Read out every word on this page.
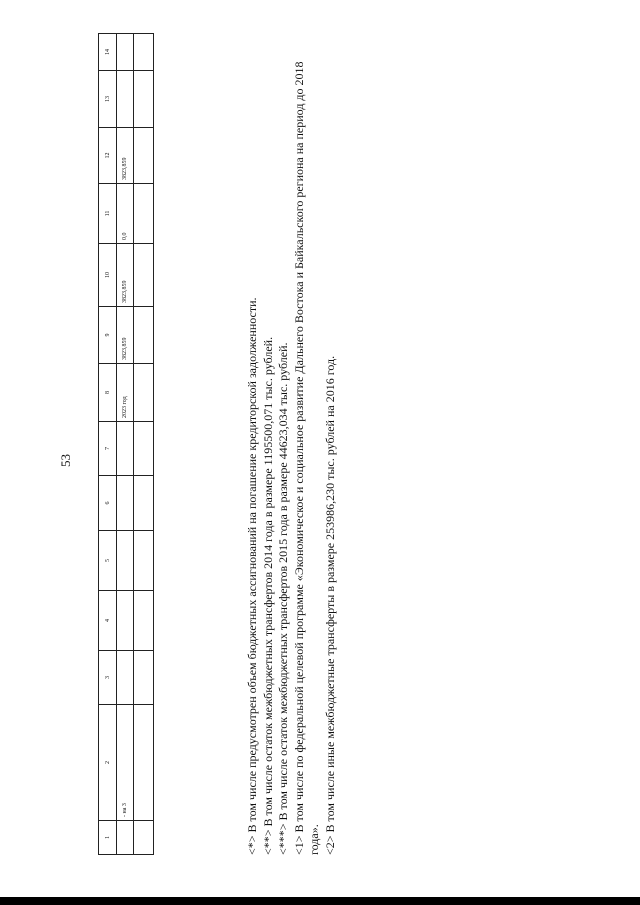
53
1	2	3	4	5	6	7	8	9	10	11	12	13	14
	- на 3						2023 год	3823,859	3823,859	0,0	3823,859		

<*> В том числе предусмотрен объем бюджетных ассигнований на погашение кредиторской задолженности. <**> В том числе остаток межбюджетных трансфертов 2014 года в размере 1195500,071 тыс. рублей. <***> В том числе остаток межбюджетных трансфертов 2015 года в размере 44623,034 тыс. рублей. <1> В том числе по федеральной целевой программе «Экономическое и социальное развитие Дальнего Востока и Байкальского региона на период до 2018 года». <2> В том числе иные межбюджетные трансферты в размере 253986,230 тыс. рублей на 2016 год.
